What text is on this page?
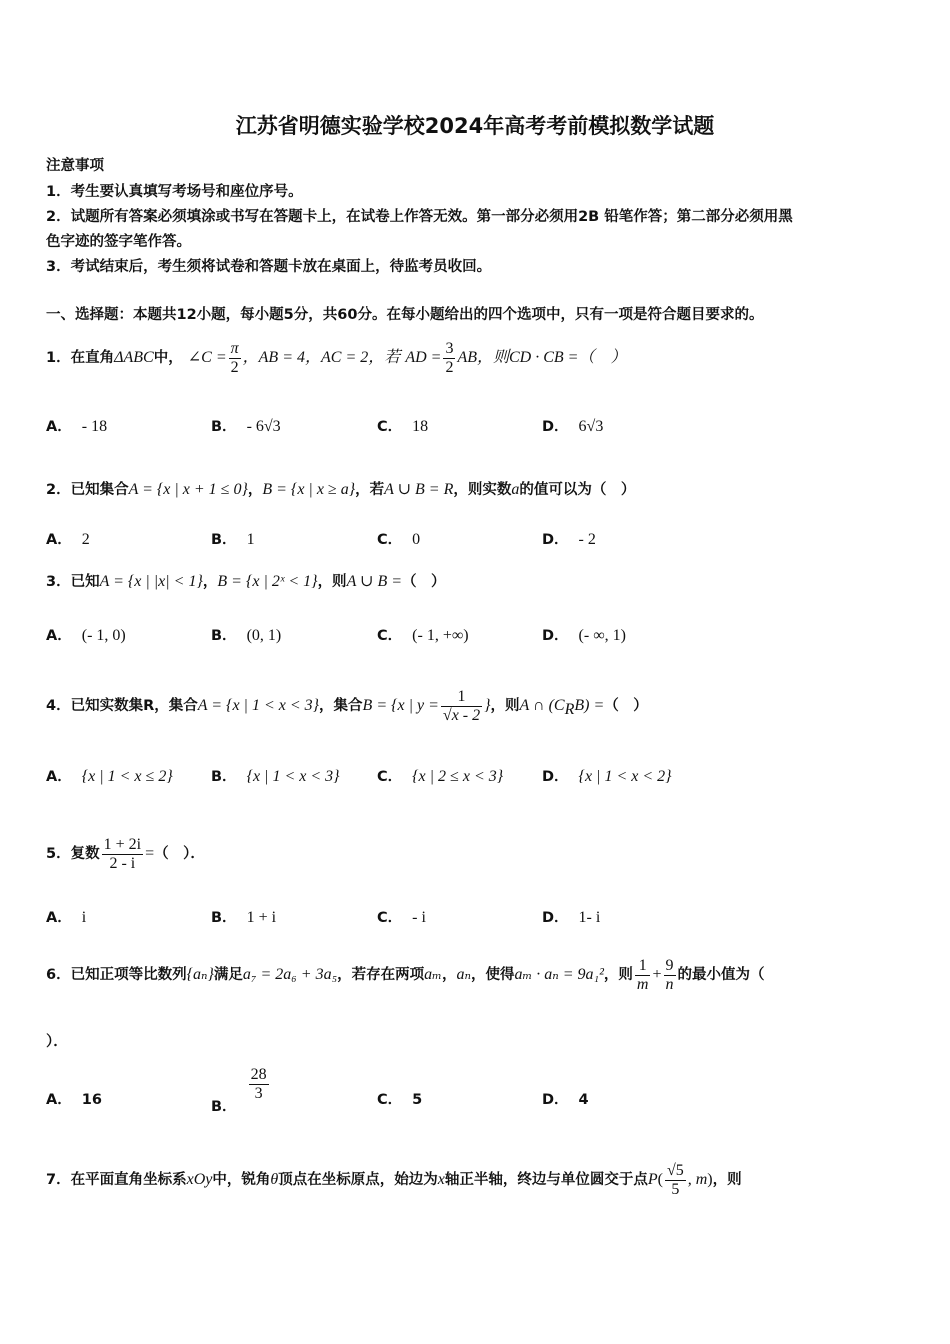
江苏省明德实验学校2024年高考考前模拟数学试题
注意事项
1．考生要认真填写考场号和座位序号。
2．试题所有答案必须填涂或书写在答题卡上，在试卷上作答无效。第一部分必须用2B 铅笔作答；第二部分必须用黑
色字迹的签字笔作答。
3．考试结束后，考生须将试卷和答题卡放在桌面上，待监考员收回。
一、选择题：本题共12小题，每小题5分，共60分。在每小题给出的四个选项中，只有一项是符合题目要求的。
1．在直角ΔABC中， ∠C = $\frac{\pi}{2}$ ，AB = 4，AC = 2，若 AD = $\frac{3}{2}$ AB，则CD · CB =（　）
A． - 18	B． - 6√3	C． 18	D． 6√3
2．已知集合A = {x | x + 1 ≤ 0}，B = {x | x ≥ a}，若A ∪ B = R，则实数a的值可以为（　）
A． 2	B． 1	C． 0	D． - 2
3．已知A = {x | |x| < 1}，B = {x | 2ˣ < 1}，则A ∪ B =（　）
A． (- 1, 0)	B． (0, 1)	C． (- 1, +∞)	D． (- ∞, 1)
4．已知实数集R，集合A = {x | 1 < x < 3}，集合B = {x | $y = \frac{1}{√x - 2}$ }，则A ∩ $(C_RB)$ =（　）
A． {x | 1 < x ≤ 2}	B． {x | 1 < x < 3}	C． {x | 2 ≤ x < 3}	D． {x | 1 < x < 2}
5．复数 $\frac{1 + 2i}{2 - i}$ =（　）．
A． i	B． 1 + i	C． - i	D． 1- i
6．已知正项等比数列{aₙ}满足a₇ = 2a₆ + 3a₅，若存在两项aₘ，aₙ，使得aₘ · aₙ = 9a₁²，则 $\frac{1}{m} + \frac{9}{n}$ 的最小值为（
）．
A． 16	B．
$\frac{28}{3}$	C． 5	D． 4
7．在平面直角坐标系xOy中，锐角θ顶点在坐标原点，始边为x轴正半轴，终边与单位圆交于点$P( \frac{√5}{5}$ , m)，则
